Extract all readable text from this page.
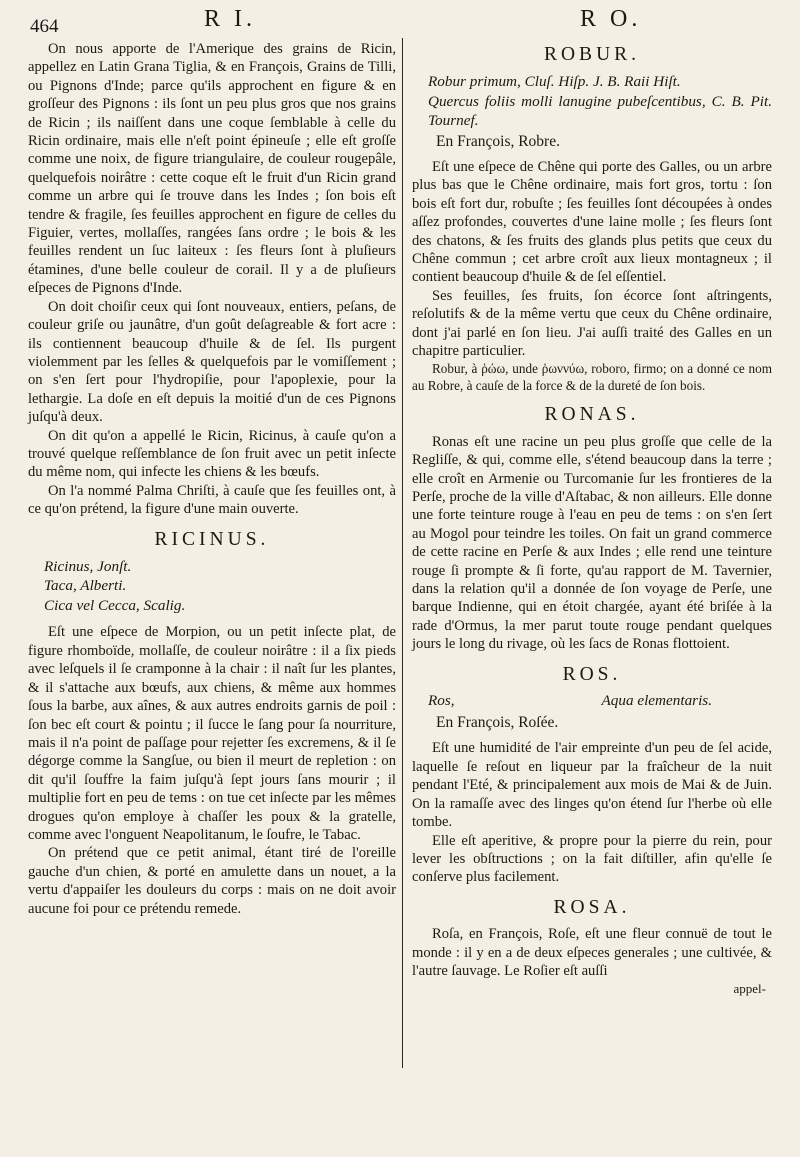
464	R I.	R O.

On nous apporte de l'Amerique des grains de Ricin, appellez en Latin Grana Tiglia, & en François, Grains de Tilli, ou Pignons d'Inde; parce qu'ils approchent en figure & en groſſeur des Pignons : ils ſont un peu plus gros que nos grains de Ricin ; ils naiſſent dans une coque ſemblable à celle du Ricin ordinaire, mais elle n'eſt point épineuſe ; elle eſt groſſe comme une noix, de figure triangulaire, de couleur rougepâle, quelquefois noirâtre : cette coque eſt le fruit d'un Ricin grand comme un arbre qui ſe trouve dans les Indes ; ſon bois eſt tendre & fragile, ſes feuilles approchent en figure de celles du Figuier, vertes, mollaſſes, rangées ſans ordre ; le bois & les feuilles rendent un ſuc laiteux : ſes fleurs ſont à pluſieurs étamines, d'une belle couleur de corail. Il y a de pluſieurs eſpeces de Pignons d'Inde.

On doit choiſir ceux qui ſont nouveaux, entiers, peſans, de couleur griſe ou jaunâtre, d'un goût deſagreable & fort acre : ils contiennent beaucoup d'huile & de ſel. Ils purgent violemment par les ſelles & quelquefois par le vomiſſement ; on s'en ſert pour l'hydropiſie, pour l'apoplexie, pour la lethargie. La doſe en eſt depuis la moitié d'un de ces Pignons juſqu'à deux.

On dit qu'on a appellé le Ricin, Ricinus, à cauſe qu'on a trouvé quelque reſſemblance de ſon fruit avec un petit inſecte du même nom, qui infecte les chiens & les bœufs.

On l'a nommé Palma Chriſti, à cauſe que ſes feuilles ont, à ce qu'on prétend, la figure d'une main ouverte.

RICINUS.

Ricinus, Jonſt.

Taca, Alberti.

Cica vel Cecca, Scalig.

Eſt une eſpece de Morpion, ou un petit inſecte plat, de figure rhomboïde, mollaſſe, de couleur noirâtre : il a ſix pieds avec leſquels il ſe cramponne à la chair : il naît ſur les plantes, & il s'attache aux bœufs, aux chiens, & même aux hommes ſous la barbe, aux aînes, & aux autres endroits garnis de poil : ſon bec eſt court & pointu ; il ſucce le ſang pour ſa nourriture, mais il n'a point de paſſage pour rejetter ſes excremens, & il ſe dégorge comme la Sangſue, ou bien il meurt de repletion : on dit qu'il ſouffre la faim juſqu'à ſept jours ſans mourir ; il multiplie fort en peu de tems : on tue cet inſecte par les mêmes drogues qu'on employe à chaſſer les poux & la gratelle, comme avec l'onguent Neapolitanum, le ſoufre, le Tabac.

On prétend que ce petit animal, étant tiré de l'oreille gauche d'un chien, & porté en amulette dans un nouet, a la vertu d'appaiſer les douleurs du corps : mais on ne doit avoir aucune foi pour ce prétendu remede.

ROBUR.

Robur primum, Cluſ. Hiſp. J. B. Raii Hiſt.

Quercus foliis molli lanugine pubeſcentibus, C. B. Pit. Tournef.

En François, Robre.

Eſt une eſpece de Chêne qui porte des Galles, ou un arbre plus bas que le Chêne ordinaire, mais fort gros, tortu : ſon bois eſt fort dur, robuſte ; ſes feuilles ſont découpées à ondes aſſez profondes, couvertes d'une laine molle ; ſes fleurs ſont des chatons, & ſes fruits des glands plus petits que ceux du Chêne commun ; cet arbre croît aux lieux montagneux ; il contient beaucoup d'huile & de ſel eſſentiel.

Ses feuilles, ſes fruits, ſon écorce ſont aſtringents, reſolutifs & de la même vertu que ceux du Chêne ordinaire, dont j'ai parlé en ſon lieu. J'ai auſſi traité des Galles en un chapitre particulier.

Robur, à ῥώω, unde ῥωννύω, roboro, firmo; on a donné ce nom au Robre, à cauſe de la force & de la dureté de ſon bois.

RONAS.

Ronas eſt une racine un peu plus groſſe que celle de la Regliſſe, & qui, comme elle, s'étend beaucoup dans la terre ; elle croît en Armenie ou Turcomanie ſur les frontieres de la Perſe, proche de la ville d'Aſtabac, & non ailleurs. Elle donne une forte teinture rouge à l'eau en peu de tems : on s'en ſert au Mogol pour teindre les toiles. On fait un grand commerce de cette racine en Perſe & aux Indes ; elle rend une teinture rouge ſi prompte & ſi forte, qu'au rapport de M. Tavernier, dans la relation qu'il a donnée de ſon voyage de Perſe, une barque Indienne, qui en étoit chargée, ayant été briſée à la rade d'Ormus, la mer parut toute rouge pendant quelques jours le long du rivage, où les ſacs de Ronas flottoient.

ROS.
Ros,	Aqua elementaris.

En François, Roſée.

Eſt une humidité de l'air empreinte d'un peu de ſel acide, laquelle ſe reſout en liqueur par la fraîcheur de la nuit pendant l'Eté, & principalement aux mois de Mai & de Juin. On la ramaſſe avec des linges qu'on étend ſur l'herbe où elle tombe.

Elle eſt aperitive, & propre pour la pierre du rein, pour lever les obſtructions ; on la fait diſtiller, afin qu'elle ſe conſerve plus facilement.

ROSA.

Roſa, en François, Roſe, eſt une fleur connuë de tout le monde : il y en a de deux eſpeces generales ; une cultivée, & l'autre ſauvage. Le Roſier eſt auſſi

appel-
